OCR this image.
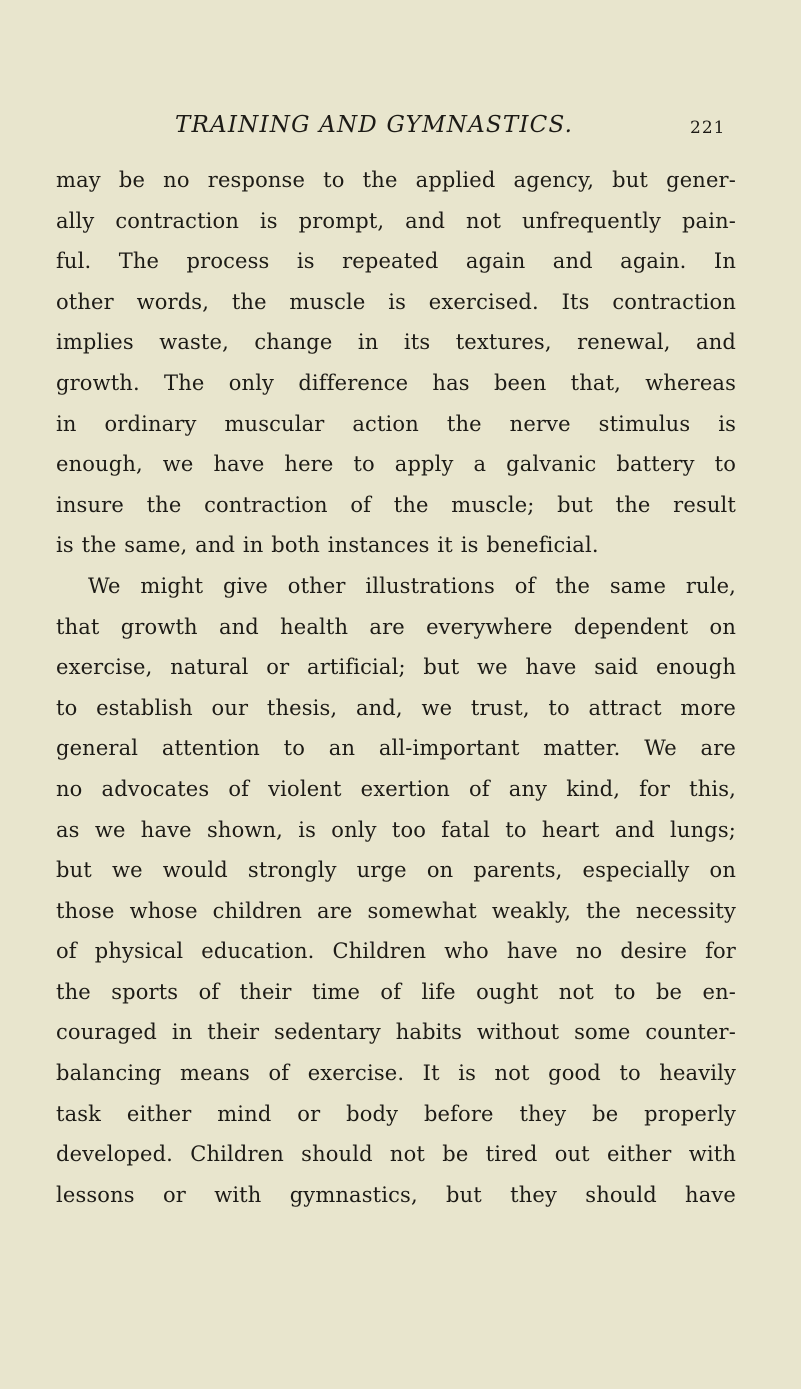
TRAINING AND GYMNASTICS.	221
may be no response to the applied agency, but gener-
ally contraction is prompt, and not unfrequently pain-
ful. The process is repeated again and again. In
other words, the muscle is exercised. Its contraction
implies waste, change in its textures, renewal, and
growth. The only difference has been that, whereas
in ordinary muscular action the nerve stimulus is
enough, we have here to apply a galvanic battery to
insure the contraction of the muscle; but the result
is the same, and in both instances it is beneficial.
We might give other illustrations of the same rule,
that growth and health are everywhere dependent on
exercise, natural or artificial; but we have said enough
to establish our thesis, and, we trust, to attract more
general attention to an all-important matter. We are
no advocates of violent exertion of any kind, for this,
as we have shown, is only too fatal to heart and lungs;
but we would strongly urge on parents, especially on
those whose children are somewhat weakly, the necessity
of physical education. Children who have no desire for
the sports of their time of life ought not to be en-
couraged in their sedentary habits without some counter-
balancing means of exercise. It is not good to heavily
task either mind or body before they be properly
developed. Children should not be tired out either with
lessons or with gymnastics, but they should have
